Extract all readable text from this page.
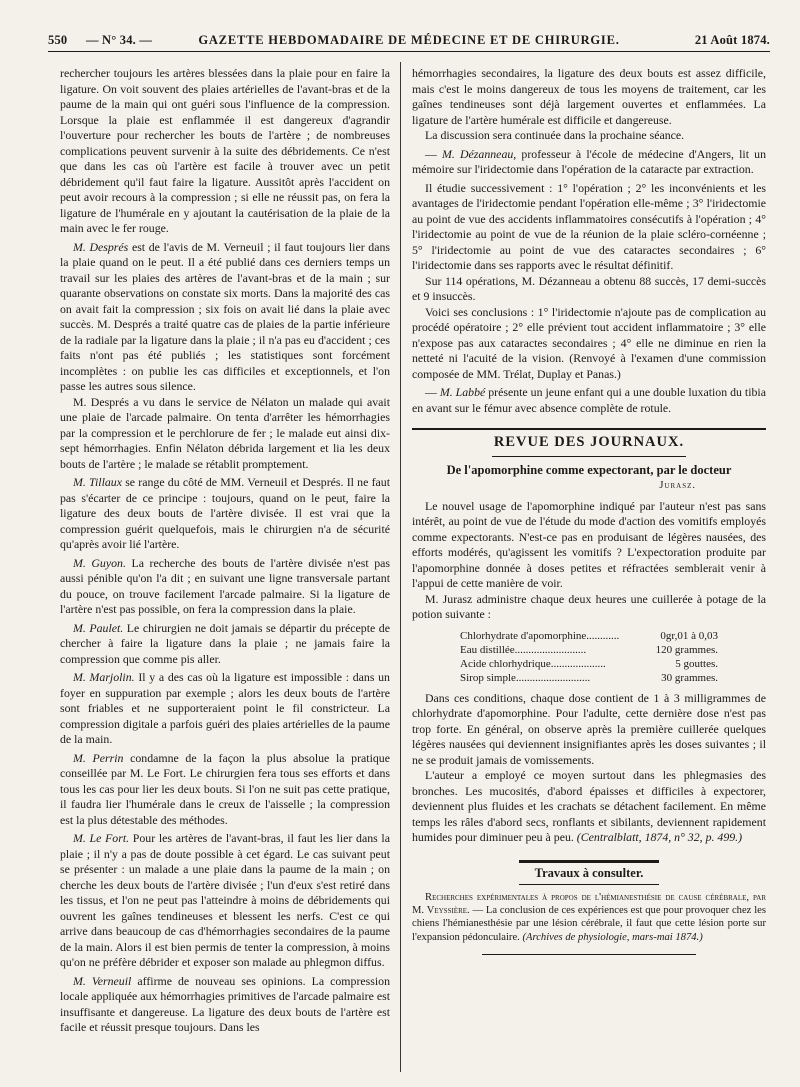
550 — N° 34. —	GAZETTE HEBDOMADAIRE DE MÉDECINE ET DE CHIRURGIE.	21 Août 1874.

rechercher toujours les artères blessées dans la plaie pour en faire la ligature. On voit souvent des plaies artérielles de l'avant-bras et de la paume de la main qui ont guéri sous l'influence de la compression. Lorsque la plaie est enflammée il est dangereux d'agrandir l'ouverture pour rechercher les bouts de l'artère ; de nombreuses complications peuvent survenir à la suite des débridements. Ce n'est que dans les cas où l'artère est facile à trouver avec un petit débridement qu'il faut faire la ligature. Aussitôt après l'accident on peut avoir recours à la compression ; si elle ne réussit pas, on fera la ligature de l'humérale en y ajoutant la cautérisation de la plaie de la main avec le fer rouge.

M. Després est de l'avis de M. Verneuil ; il faut toujours lier dans la plaie quand on le peut. Il a été publié dans ces derniers temps un travail sur les plaies des artères de l'avant-bras et de la main ; sur quarante observations on constate six morts. Dans la majorité des cas on avait fait la compression ; six fois on avait lié dans la plaie avec succès. M. Després a traité quatre cas de plaies de la partie inférieure de la radiale par la ligature dans la plaie ; il n'a pas eu d'accident ; ces faits n'ont pas été publiés ; les statistiques sont forcément incomplètes : on publie les cas difficiles et exceptionnels, et l'on passe les autres sous silence.

M. Després a vu dans le service de Nélaton un malade qui avait une plaie de l'arcade palmaire. On tenta d'arrêter les hémorrhagies par la compression et le perchlorure de fer ; le malade eut ainsi dix-sept hémorrhagies. Enfin Nélaton débrida largement et lia les deux bouts de l'artère ; le malade se rétablit promptement.

M. Tillaux se range du côté de MM. Verneuil et Després. Il ne faut pas s'écarter de ce principe : toujours, quand on le peut, faire la ligature des deux bouts de l'artère divisée. Il est vrai que la compression guérit quelquefois, mais le chirurgien n'a de sécurité qu'après avoir lié l'artère.

M. Guyon. La recherche des bouts de l'artère divisée n'est pas aussi pénible qu'on l'a dit ; en suivant une ligne transversale partant du pouce, on trouve facilement l'arcade palmaire. Si la ligature de l'artère n'est pas possible, on fera la compression dans la plaie.

M. Paulet. Le chirurgien ne doit jamais se départir du précepte de chercher à faire la ligature dans la plaie ; ne jamais faire la compression que comme pis aller.

M. Marjolin. Il y a des cas où la ligature est impossible : dans un foyer en suppuration par exemple ; alors les deux bouts de l'artère sont friables et ne supporteraient point le fil constricteur. La compression digitale a parfois guéri des plaies artérielles de la paume de la main.

M. Perrin condamne de la façon la plus absolue la pratique conseillée par M. Le Fort. Le chirurgien fera tous ses efforts et dans tous les cas pour lier les deux bouts. Si l'on ne suit pas cette pratique, il faudra lier l'humérale dans le creux de l'aisselle ; la compression est la plus détestable des méthodes.

M. Le Fort. Pour les artères de l'avant-bras, il faut les lier dans la plaie ; il n'y a pas de doute possible à cet égard. Le cas suivant peut se présenter : un malade a une plaie dans la paume de la main ; on cherche les deux bouts de l'artère divisée ; l'un d'eux s'est retiré dans les tissus, et l'on ne peut pas l'atteindre à moins de débridements qui ouvrent les gaînes tendineuses et blessent les nerfs. C'est ce qui arrive dans beaucoup de cas d'hémorrhagies secondaires de la paume de la main. Alors il est bien permis de tenter la compression, à moins qu'on ne préfère débrider et exposer son malade au phlegmon diffus.

M. Verneuil affirme de nouveau ses opinions. La compression locale appliquée aux hémorrhagies primitives de l'arcade palmaire est insuffisante et dangereuse. La ligature des deux bouts de l'artère est facile et réussit presque toujours. Dans les

hémorrhagies secondaires, la ligature des deux bouts est assez difficile, mais c'est le moins dangereux de tous les moyens de traitement, car les gaînes tendineuses sont déjà largement ouvertes et enflammées. La ligature de l'artère humérale est difficile et dangereuse.

La discussion sera continuée dans la prochaine séance.

— M. Dézanneau, professeur à l'école de médecine d'Angers, lit un mémoire sur l'iridectomie dans l'opération de la cataracte par extraction.

Il étudie successivement : 1° l'opération ; 2° les inconvénients et les avantages de l'iridectomie pendant l'opération elle-même ; 3° l'iridectomie au point de vue des accidents inflammatoires consécutifs à l'opération ; 4° l'iridectomie au point de vue de la réunion de la plaie scléro-cornéenne ; 5° l'iridectomie au point de vue des cataractes secondaires ; 6° l'iridectomie dans ses rapports avec le résultat définitif.

Sur 114 opérations, M. Dézanneau a obtenu 88 succès, 17 demi-succès et 9 insuccès.

Voici ses conclusions : 1° l'iridectomie n'ajoute pas de complication au procédé opératoire ; 2° elle prévient tout accident inflammatoire ; 3° elle n'expose pas aux cataractes secondaires ; 4° elle ne diminue en rien la netteté ni l'acuité de la vision. (Renvoyé à l'examen d'une commission composée de MM. Trélat, Duplay et Panas.)

— M. Labbé présente un jeune enfant qui a une double luxation du tibia en avant sur le fémur avec absence complète de rotule.

REVUE DES JOURNAUX.
De l'apomorphine comme expectorant, par le docteur
Jurasz.

Le nouvel usage de l'apomorphine indiqué par l'auteur n'est pas sans intérêt, au point de vue de l'étude du mode d'action des vomitifs employés comme expectorants. N'est-ce pas en produisant de légères nausées, des efforts modérés, qu'agissent les vomitifs ? L'expectoration produite par l'apomorphine donnée à doses petites et réfractées semblerait venir à l'appui de cette manière de voir.

M. Jurasz administre chaque deux heures une cuillerée à potage de la potion suivante :

Chlorhydrate d'apomorphine............	0gr,01 à 0,03
Eau distillée..........................	120 grammes.
Acide chlorhydrique....................	5 gouttes.
Sirop simple...........................	30 grammes.

Dans ces conditions, chaque dose contient de 1 à 3 milligrammes de chlorhydrate d'apomorphine. Pour l'adulte, cette dernière dose n'est pas trop forte. En général, on observe après la première cuillerée quelques légères nausées qui deviennent insignifiantes après les doses suivantes ; il ne se produit jamais de vomissements.

L'auteur a employé ce moyen surtout dans les phlegmasies des bronches. Les mucosités, d'abord épaisses et difficiles à expectorer, deviennent plus fluides et les crachats se détachent facilement. En même temps les râles d'abord secs, ronflants et sibilants, deviennent rapidement humides pour diminuer peu à peu. (Centralblatt, 1874, n° 32, p. 499.)

Travaux à consulter.

Recherches expérimentales à propos de l'hémianesthésie de cause cérébrale, par M. Veyssière. — La conclusion de ces expériences est que pour provoquer chez les chiens l'hémianesthésie par une lésion cérébrale, il faut que cette lésion porte sur l'expansion pédonculaire. (Archives de physiologie, mars-mai 1874.)
